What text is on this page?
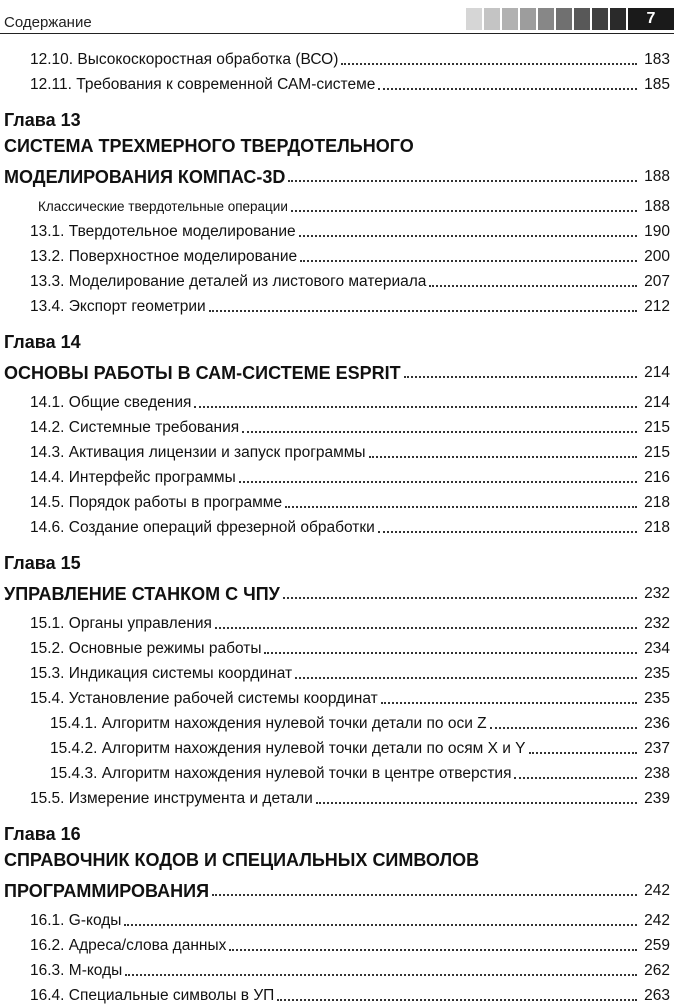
Содержание	7
12.10. Высокоскоростная обработка (ВСО)	183
12.11. Требования к современной САМ-системе	185
Глава 13
СИСТЕМА ТРЕХМЕРНОГО ТВЕРДОТЕЛЬНОГО
МОДЕЛИРОВАНИЯ КОМПАС-3D	188
Классические твердотельные операции	188
13.1. Твердотельное моделирование	190
13.2. Поверхностное моделирование	200
13.3. Моделирование деталей из листового материала	207
13.4. Экспорт геометрии	212
Глава 14
ОСНОВЫ РАБОТЫ В САМ-СИСТЕМЕ ESPRIT	214
14.1. Общие сведения	214
14.2. Системные требования	215
14.3. Активация лицензии и запуск программы	215
14.4. Интерфейс программы	216
14.5. Порядок работы в программе	218
14.6. Создание операций фрезерной обработки	218
Глава 15
УПРАВЛЕНИЕ СТАНКОМ С ЧПУ	232
15.1. Органы управления	232
15.2. Основные режимы работы	234
15.3. Индикация системы координат	235
15.4. Установление рабочей системы координат	235
15.4.1. Алгоритм нахождения нулевой точки детали по оси Z	236
15.4.2. Алгоритм нахождения нулевой точки детали по осям X и Y	237
15.4.3. Алгоритм нахождения нулевой точки в центре отверстия	238
15.5. Измерение инструмента и детали	239
Глава 16
СПРАВОЧНИК КОДОВ И СПЕЦИАЛЬНЫХ СИМВОЛОВ
ПРОГРАММИРОВАНИЯ	242
16.1. G-коды	242
16.2. Адреса/слова данных	259
16.3. М-коды	262
16.4. Специальные символы в УП	263
